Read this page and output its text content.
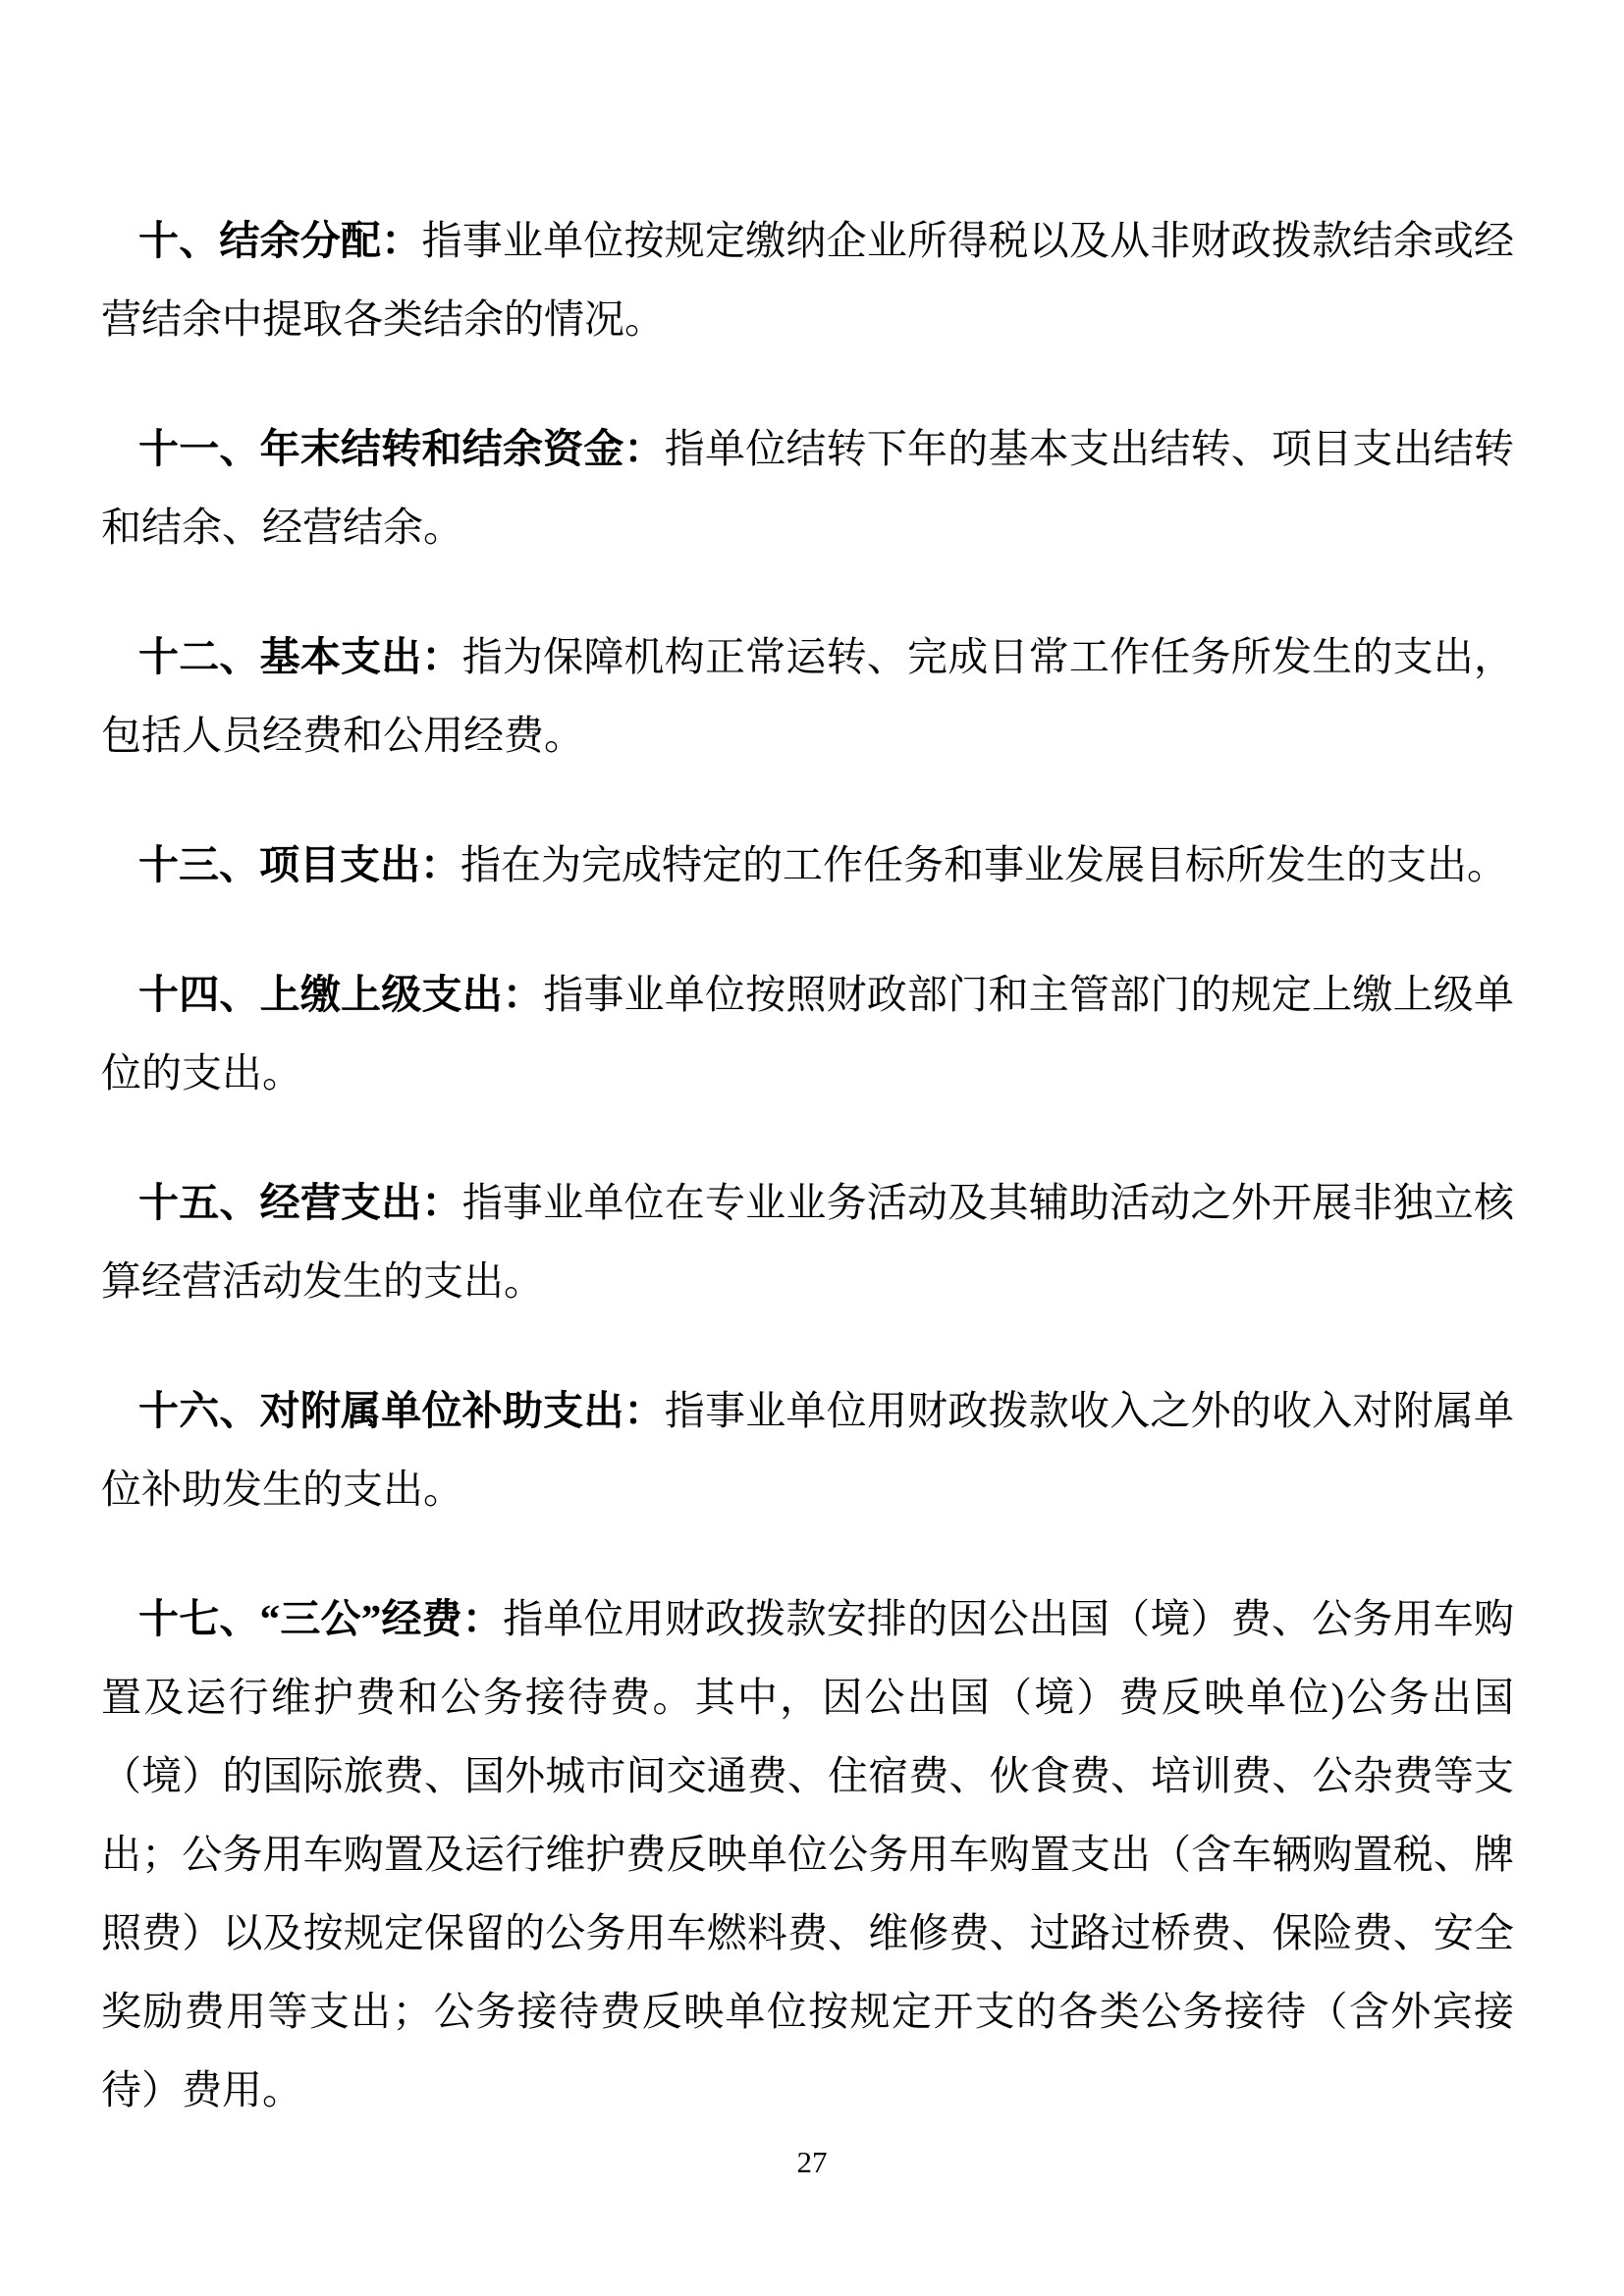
十、结余分配：指事业单位按规定缴纳企业所得税以及从非财政拨款结余或经营结余中提取各类结余的情况。

十一、年末结转和结余资金：指单位结转下年的基本支出结转、项目支出结转和结余、经营结余。

十二、基本支出：指为保障机构正常运转、完成日常工作任务所发生的支出，包括人员经费和公用经费。

十三、项目支出：指在为完成特定的工作任务和事业发展目标所发生的支出。

十四、上缴上级支出：指事业单位按照财政部门和主管部门的规定上缴上级单位的支出。

十五、经营支出：指事业单位在专业业务活动及其辅助活动之外开展非独立核算经营活动发生的支出。

十六、对附属单位补助支出：指事业单位用财政拨款收入之外的收入对附属单位补助发生的支出。

十七、“三公”经费：指单位用财政拨款安排的因公出国（境）费、公务用车购置及运行维护费和公务接待费。其中，因公出国（境）费反映单位)公务出国（境）的国际旅费、国外城市间交通费、住宿费、伙食费、培训费、公杂费等支出；公务用车购置及运行维护费反映单位公务用车购置支出（含车辆购置税、牌照费）以及按规定保留的公务用车燃料费、维修费、过路过桥费、保险费、安全奖励费用等支出；公务接待费反映单位按规定开支的各类公务接待（含外宾接待）费用。

27
